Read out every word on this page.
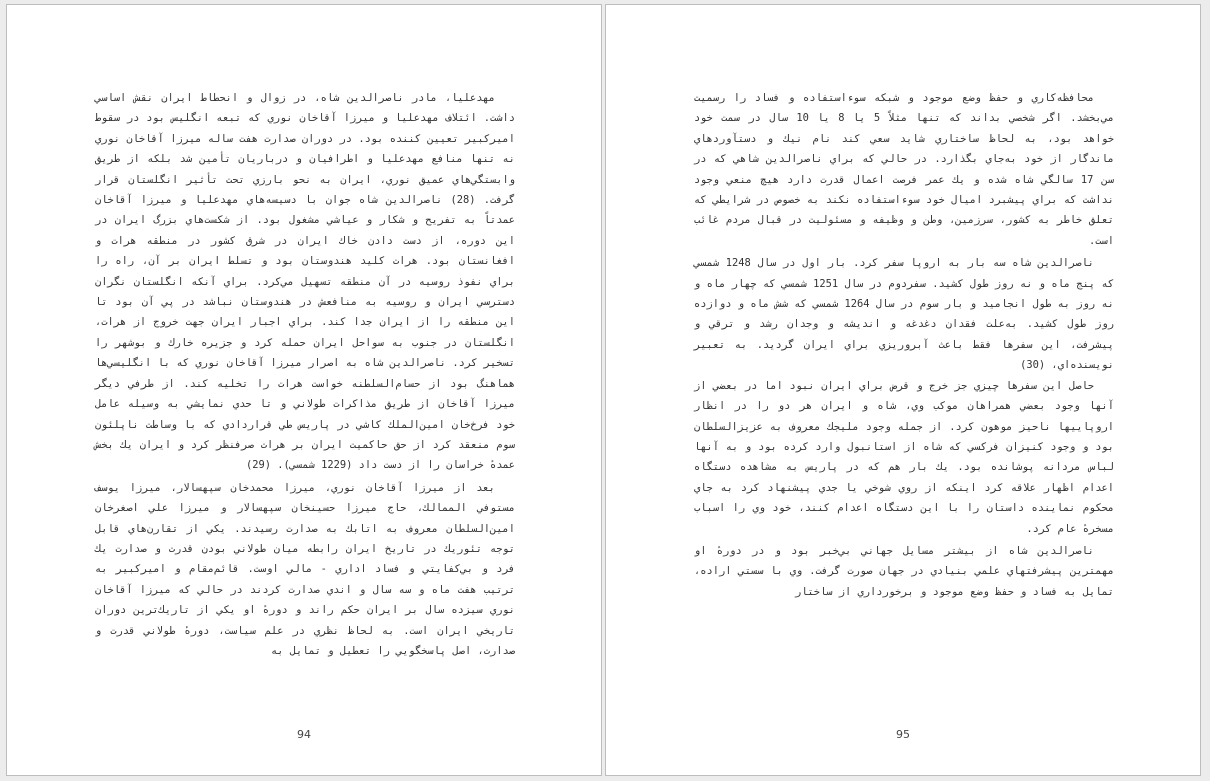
مهدعليا، مادر ناصرالدين شاه، در زوال و انحطاط ايران نقش اساسي داشت. ائتلاف مهدعليا و ميرزا آقاخان نوري كه تبعه انگليس بود در سقوط اميركبير تعيين كننده بود. در دوران صدارت هفت ساله ميرزا آقاخان نوري نه تنها منافع مهدعليا و اطرافيان و درباريان تأمين شد بلكه از طريق وابستگي‌هاي عميق نوري، ايران به نحو بارزي تحت تأثير انگلستان قرار گرفت. (28) ناصرالدين شاه جوان با دسيسه‌هاي مهدعليا و ميرزا آقاخان عمدتاً به تفريح و شكار و عياشي مشغول بود. از شكست‌هاي بزرگ ايران در اين دوره، از دست دادن خاك ايران در شرق كشور در منطقه هرات و افغانستان بود. هرات كليد هندوستان بود و تسلط ايران بر آن، راه را براي نفوذ روسيه در آن منطقه تسهيل مي‌كرد. براي آنكه انگلستان نگران دسترسي ايران و روسيه به منافعش در هندوستان نباشد در پي آن بود تا اين منطقه را از ايران جدا كند. براي اجبار ايران جهت خروج از هرات، انگلستان در جنوب به سواحل ايران حمله كرد و جزيره خارك و بوشهر را تسخير كرد. ناصرالدين شاه به اصرار ميرزا آقاخان نوري كه با انگليسي‌ها هماهنگ بود از حسام‌السلطنه خواست هرات را تخليه كند. از طرفي ديگر ميرزا آقاخان از طريق مذاكرات طولاني و تا حدي نمايشي به وسيله عامل خود فرخ‌خان امين‌الملك كاشي در پاريس طي قراردادي كه با وساطت ناپلئون سوم منعقد كرد از حق حاكميت ايران بر هرات صرفنظر كرد و ايران يك بخش عمدهٔ خراسان را از دست داد (1229 شمسي). (29)

بعد از ميرزا آقاخان نوري، ميرزا محمدخان سپهسالار، ميرزا يوسف مستوفي الممالك، حاج ميرزا حسينخان سپهسالار و ميرزا علي اصغرخان امين‌السلطان معروف به اتابك به صدارت رسيدند. يكي از تقارن‌هاي قابل توجه تئوريك در تاريخ ايران رابطه ميان طولاني بودن قدرت و صدارت يك فرد و بي‌كفايتي و فساد اداري - مالي اوست. قائم‌مقام و اميركبير به ترتيب هفت ماه و سه سال و اندي صدارت كردند در حالي كه ميرزا آقاخان نوري سيزده سال بر ايران حكم راند و دورهٔ او يكي از تاريك‌ترين دوران تاريخي ايران است. به لحاظ نظري در علم سياست، دورهٔ طولاني قدرت و صدارت، اصل پاسخگويي را تعطيل و تمايل به

94

محافظه‌كاري و حفظ وضع موجود و شبكه سوء‌استفاده و فساد را رسميت مي‌بخشد. اگر شخصي بداند كه تنها مثلاً 5 يا 8 يا 10 سال در سمت خود خواهد بود، به لحاظ ساختاري شايد سعي كند نام نيك و دستآوردهاي ماندگار از خود به‌جاي بگذارد. در حالي كه براي ناصرالدين شاهي كه در سن 17 سالگي شاه شده و يك عمر فرصت اعمال قدرت دارد هيچ منعي وجود نداشت كه براي پيشبرد اميال خود سوء‌استفاده نكند به خصوص در شرايطي كه تعلق خاطر به كشور، سرزمين، وطن و وظيفه و مسئوليت در قبال مردم غائب است.

ناصرالدين شاه سه بار به اروپا سفر كرد. بار اول در سال 1248 شمسي كه پنج ماه و نه روز طول كشيد. سفردوم در سال 1251 شمسي كه چهار ماه و نه روز به طول انجاميد و بار سوم در سال 1264 شمسي كه شش ماه و دوازده روز طول كشيد. به‌علت فقدان دغدغه و انديشه و وجدان رشد و ترقي و پيشرفت، اين سفرها فقط باعث آبروريزي براي ايران گرديد. به تعبير نويسنده‌اي، (30)

حاصل اين سفرها چيزي جز خرج و قرض براي ايران نبود اما در بعضي از آنها وجود بعضي همراهان موكب وي، شاه و ايران هر دو را در انظار اروپاييها ناحيز موهون كرد. از جمله وجود مليجك معروف به عزيزالسلطان بود و وجود كنيزان فركسي كه شاه از استانبول وارد كرده بود و به آنها لباس مردانه پوشانده بود. يك بار هم كه در پاريس به مشاهده دستگاه اعدام اظهار علاقه كرد اينكه از روي شوخي يا جدي پيشنهاد كرد به جاي محكوم نماينده داستان را با اين دستگاه اعدام كنند، خود وي را اسباب مسخرهٔ عام كرد.

ناصرالدين شاه از بيشتر مسايل جهاني بي‌خبر بود و در دورهٔ او مهمترين پيشرفتهاي علمي بنيادي در جهان صورت گرفت. وي با سستي اراده، تمايل به فساد و حفظ وضع موجود و برخورداري از ساختار

95
